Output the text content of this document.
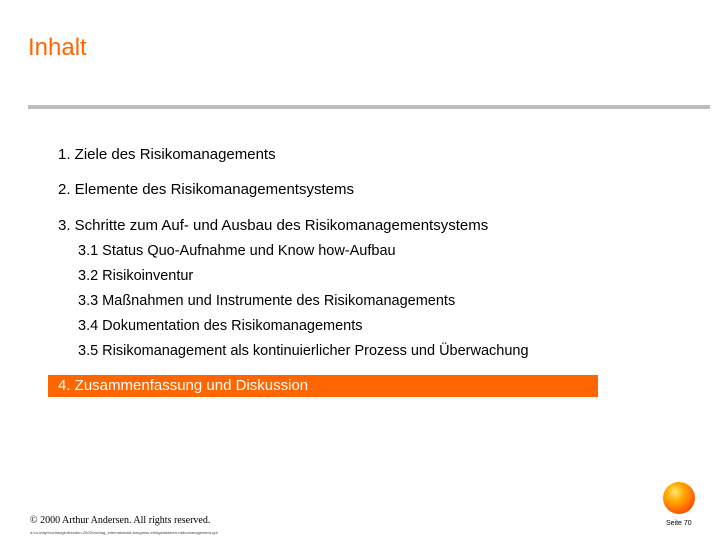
Inhalt
1. Ziele des Risikomanagements
2. Elemente des Risikomanagementsystems
3. Schritte zum Auf- und Ausbau des Risikomanagementsystems
3.1 Status Quo-Aufnahme und Know how-Aufbau
3.2 Risikoinventur
3.3 Maßnahmen und Instrumente des Risikomanagements
3.4 Dokumentation des Risikomanagements
3.5 Risikomanagement als kontinuierlicher Prozess und Überwachung
4. Zusammenfassung und Diskussion
© 2000 Arthur Andersen. All rights reserved.
d:\m-mayr\vortraege\dresden-2000\vortrag_internationale-kongress-erfolgsfaktoren-risikomanagement.ppt
Seite 70
